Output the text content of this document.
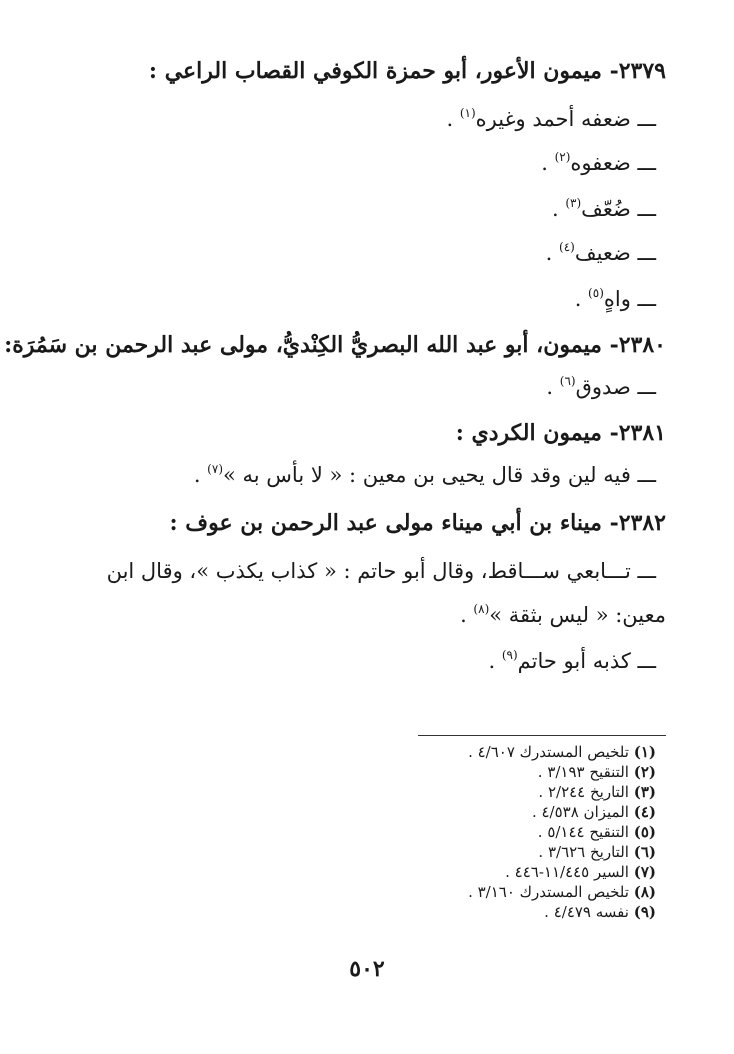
٢٣٧٩- ميمون الأعور، أبو حمزة الكوفي القصاب الراعي :
ـــ ضعفه أحمد وغيره$^{(١)}$ .
ـــ ضعفوه$^{(٢)}$ .
ـــ ضُعّف$^{(٣)}$ .
ـــ ضعيف$^{(٤)}$ .
ـــ واهٍ$^{(٥)}$ .
٢٣٨٠- ميمون، أبو عبد الله البصريُّ الكِنْديُّ، مولى عبد الرحمن بن سَمُرَة:
ـــ صدوق$^{(٦)}$ .
٢٣٨١- ميمون الكردي :
ـــ فيه لين وقد قال يحيى بن معين : « لا بأس به »$^{(٧)}$ .
٢٣٨٢- ميناء بن أبي ميناء مولى عبد الرحمن بن عوف :
ـــ تـــابعي ســـاقط، وقال أبو حاتم : « كذاب يكذب »، وقال ابن
معين: « ليس بثقة »$^{(٨)}$ .
ـــ كذبه أبو حاتم$^{(٩)}$ .
(١) تلخيص المستدرك ٤/٦٠٧ .
(٢) التنقيح ٣/١٩٣ .
(٣) التاريخ ٢/٢٤٤ .
(٤) الميزان ٤/٥٣٨ .
(٥) التنقيح ٥/١٤٤ .
(٦) التاريخ ٣/٦٢٦ .
(٧) السير ١١/٤٤٥-٤٤٦ .
(٨) تلخيص المستدرك ٣/١٦٠ .
(٩) نفسه ٤/٤٧٩ .
٥٠٢
